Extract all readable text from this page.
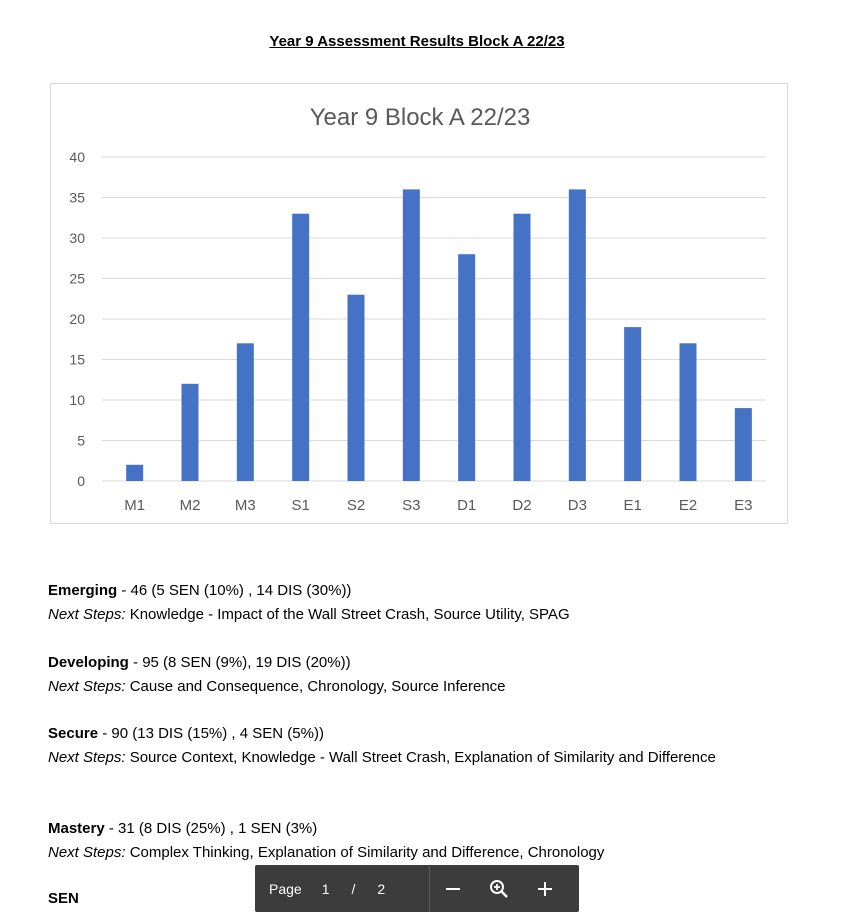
Year 9 Assessment Results Block A 22/23
Year 9 Block A 22/23
0
5
10
15
20
25
30
35
40
M1 M2 M3 S1 S2 S3 D1 D2 D3 E1 E2 E3
Emerging - 46 (5 SEN (10%) , 14 DIS (30%))
Next Steps: Knowledge - Impact of the Wall Street Crash, Source Utility, SPAG
Developing - 95 (8 SEN (9%), 19 DIS (20%))
Next Steps: Cause and Consequence, Chronology, Source Inference
Secure - 90 (13 DIS (15%) , 4 SEN (5%))
Next Steps: Source Context, Knowledge - Wall Street Crash, Explanation of Similarity and Difference
Mastery - 31 (8 DIS (25%) , 1 SEN (3%)
Next Steps: Complex Thinking, Explanation of Similarity and Difference, Chronology
SEN
Page 1 / 2
